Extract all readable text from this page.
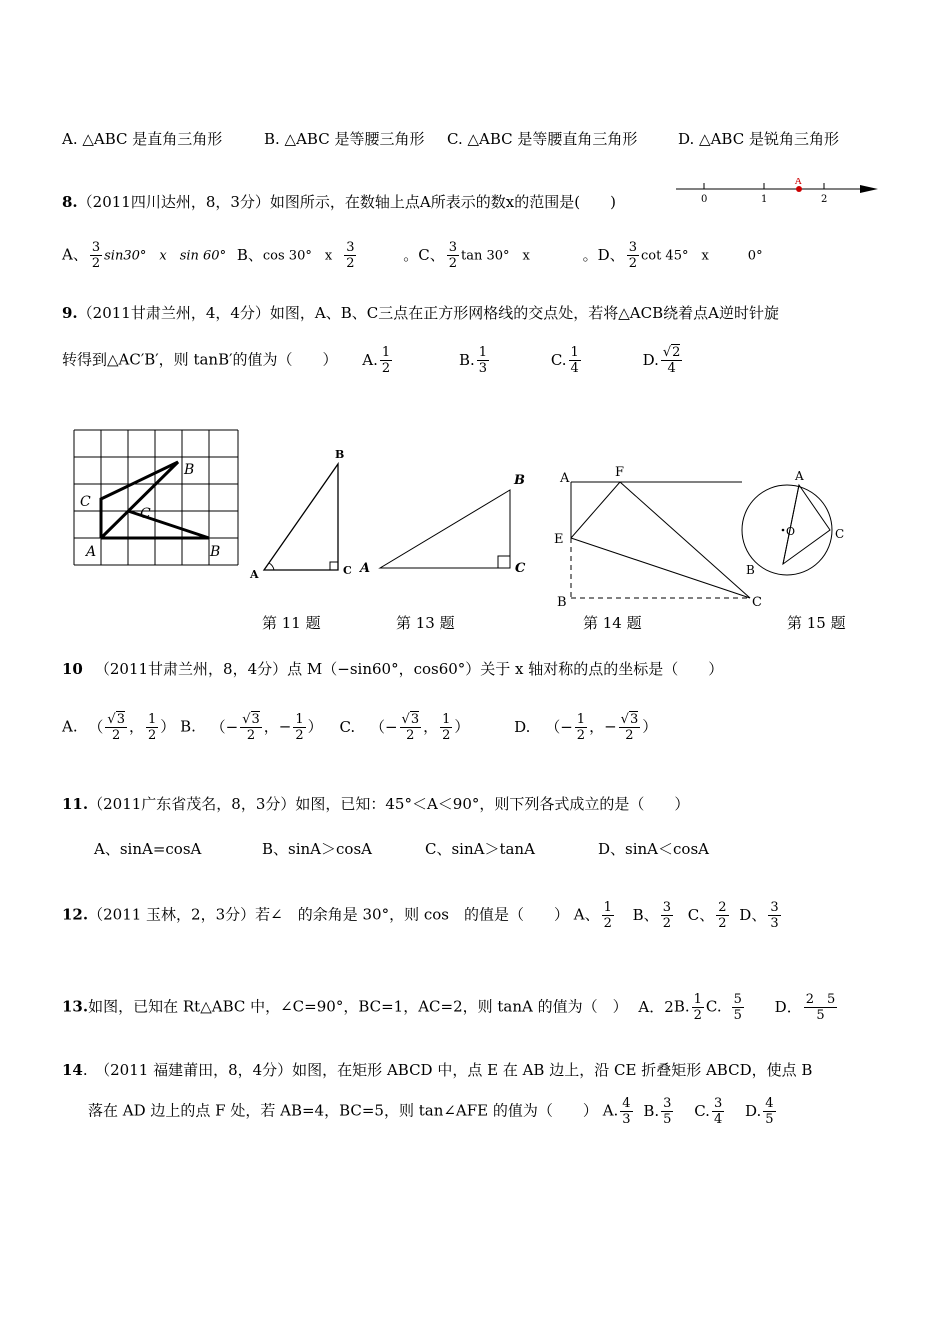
A. △ABC 是直角三角形	B. △ABC 是等腰三角形 C. △ABC 是等腰直角三角形	D. △ABC 是锐角三角形
8.（2011四川达州，8，3分）如图所示，在数轴上点A所表示的数x的范围是(　　)	0	1	2
A
A、 $\frac{3}{2} \sin 30^\circ$　x　sin 60° B、cos 30°　x $\frac{3}{2}$	。C、 $\frac{3}{2}$ tan 30°　x	。D、 $\frac{3}{2}$ cot 45°　x　　　0°
9.（2011甘肃兰州，4，4分）如图，A、B、C三点在正方形网格线的交点处，若将△ACB绕着点A逆时针旋
转得到△AC′B′，则 tanB′的值为（　　） A. $\frac{1}{2}$	B. $\frac{1}{3}$	C. $\frac{1}{4}$	D. $\frac{√2}{4}$
B
C
C
A	B
B
A	C
B
A	C
A	F
E
B	C
A
O	C
B
第 11 题	第 13 题	第 14 题	第 15 题
10 （2011甘肃兰州，8，4分）点 M（−sin60°，cos60°）关于 x 轴对称的点的坐标是（　　）
A. （ $\frac{√3}{2}$ ， $\frac{1}{2}$ ） B. （− $\frac{√3}{2}$ ，− $\frac{1}{2}$ ） C. （− $\frac{√3}{2}$ ， $\frac{1}{2}$ ）	D. （− $\frac{1}{2}$ ，− $\frac{√3}{2}$ ）
11.（2011广东省茂名，8，3分）如图，已知：45°＜A＜90°，则下列各式成立的是（　　）
A、sinA=cosA	B、sinA＞cosA	C、sinA＞tanA	D、sinA＜cosA
12.（2011 玉林，2，3分）若∠　的余角是 30°，则 cos　的值是（　　） A、 $\frac{1}{2}$ B、 $\frac{3}{2}$ C、 $\frac{2}{2}$ D、 $\frac{3}{3}$
13.如图，已知在 Rt△ABC 中，∠C=90°，BC=1，AC=2，则 tanA 的值为（　） A．2B. $\frac{1}{2} C$. $\frac{5}{5}$ D． $\frac{2 5}{5}$
14.　（2011 福建莆田，8，4分）如图，在矩形 ABCD 中，点 E 在 AB 边上，沿 CE 折叠矩形 ABCD，使点 B
落在 AD 边上的点 F 处，若 AB=4，BC=5，则 tan∠AFE 的值为（　　） A. $\frac{4}{3} B$. $\frac{3}{5} C$. $\frac{3}{4} D$. $\frac{4}{5}$
